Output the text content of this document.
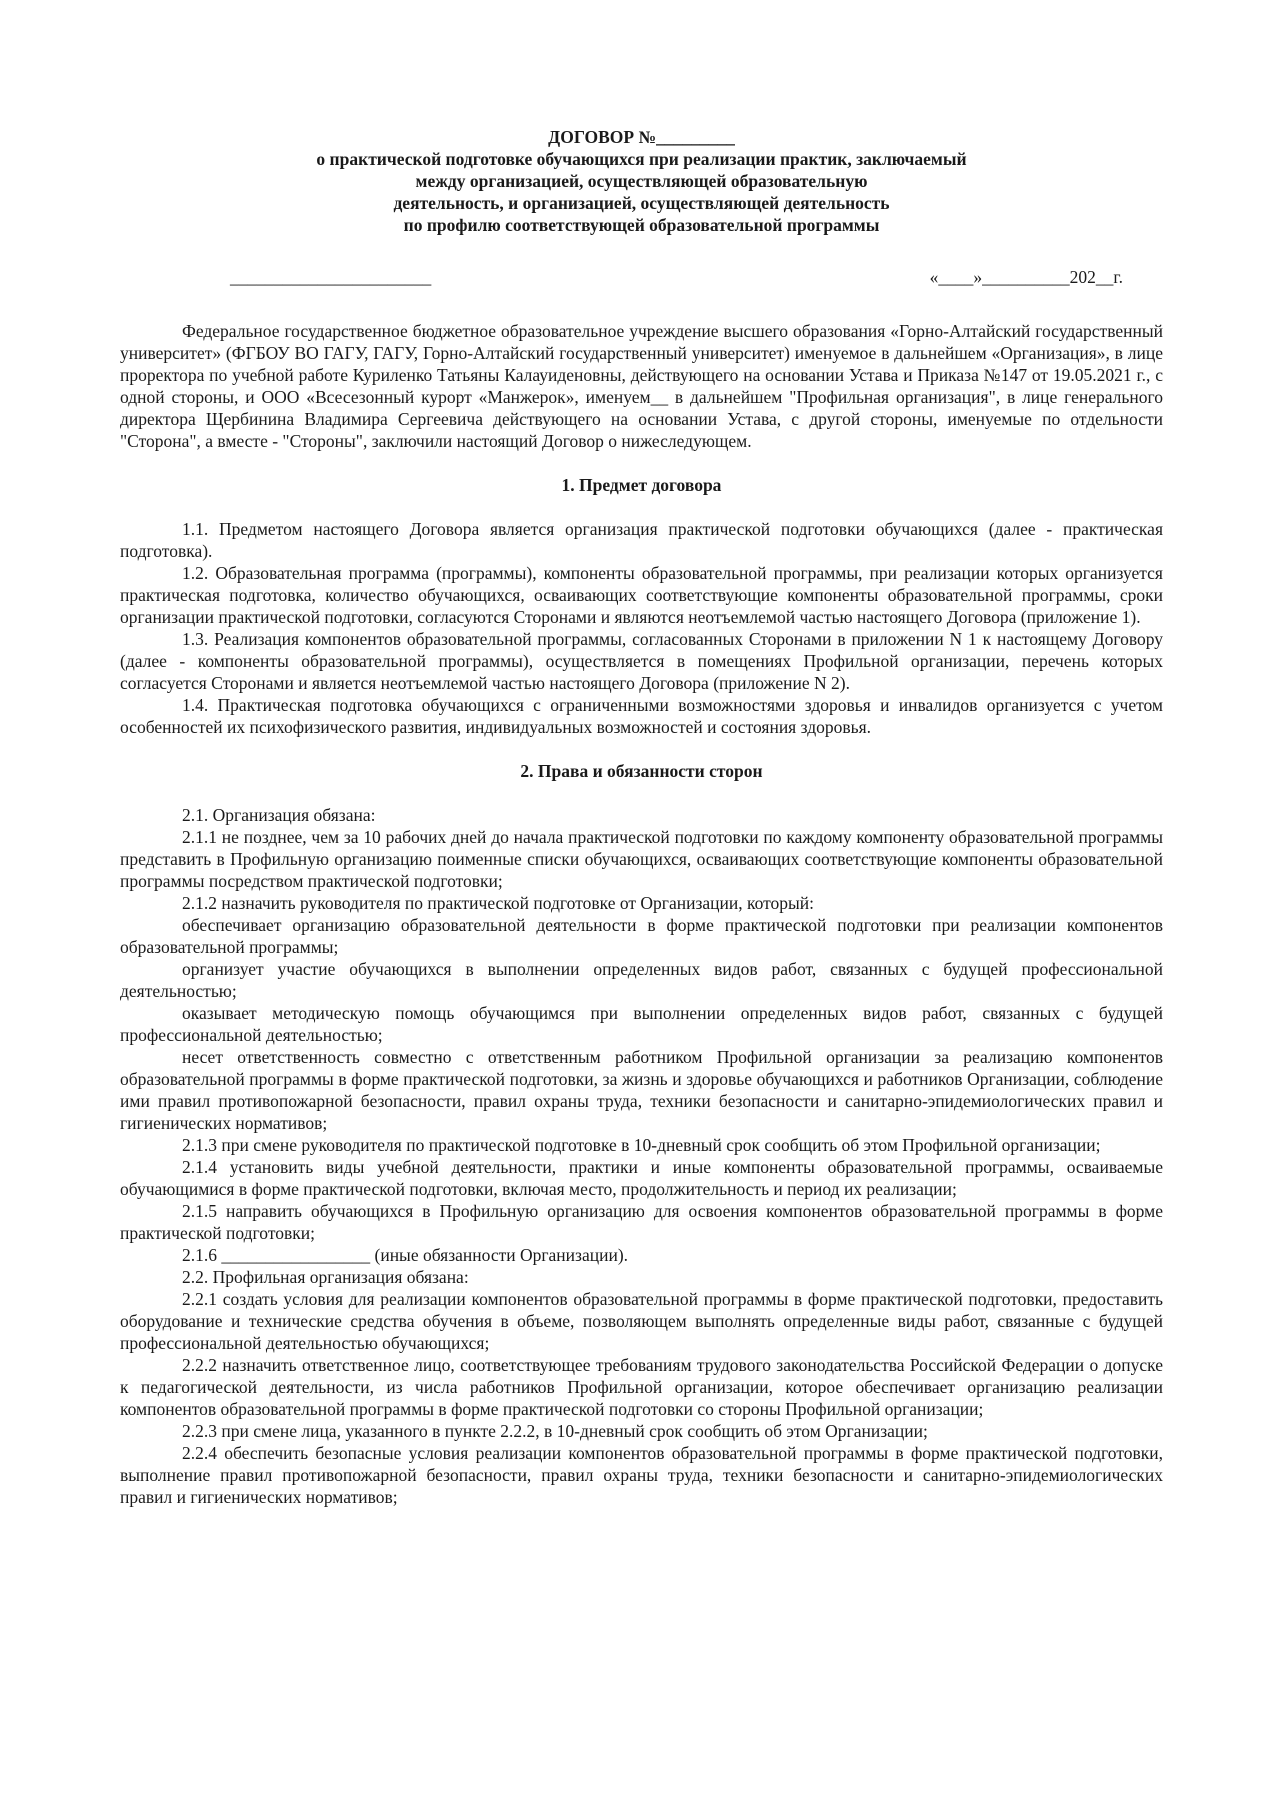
ДОГОВОР №_________
о практической подготовке обучающихся при реализации практик, заключаемый
между организацией, осуществляющей образовательную
деятельность, и организацией, осуществляющей деятельность
по профилю соответствующей образовательной программы
_______________________	«____»__________202__г.

Федеральное государственное бюджетное образовательное учреждение высшего образования «Горно-Алтайский государственный университет» (ФГБОУ ВО ГАГУ, ГАГУ, Горно-Алтайский государственный университет) именуемое в дальнейшем «Организация», в лице проректора по учебной работе Куриленко Татьяны Калауиденовны, действующего на основании Устава и Приказа №147 от 19.05.2021 г., с одной стороны, и ООО «Всесезонный курорт «Манжерок», именуем__ в дальнейшем "Профильная организация", в лице генерального директора Щербинина Владимира Сергеевича действующего на основании Устава, с другой стороны, именуемые по отдельности "Сторона", а вместе - "Стороны", заключили настоящий Договор о нижеследующем.

1. Предмет договора

1.1. Предметом настоящего Договора является организация практической подготовки обучающихся (далее - практическая подготовка).

1.2. Образовательная программа (программы), компоненты образовательной программы, при реализации которых организуется практическая подготовка, количество обучающихся, осваивающих соответствующие компоненты образовательной программы, сроки организации практической подготовки, согласуются Сторонами и являются неотъемлемой частью настоящего Договора (приложение 1).

1.3. Реализация компонентов образовательной программы, согласованных Сторонами в приложении N 1 к настоящему Договору (далее - компоненты образовательной программы), осуществляется в помещениях Профильной организации, перечень которых согласуется Сторонами и является неотъемлемой частью настоящего Договора (приложение N 2).

1.4. Практическая подготовка обучающихся с ограниченными возможностями здоровья и инвалидов организуется с учетом особенностей их психофизического развития, индивидуальных возможностей и состояния здоровья.

2. Права и обязанности сторон

2.1. Организация обязана:

2.1.1 не позднее, чем за 10 рабочих дней до начала практической подготовки по каждому компоненту образовательной программы представить в Профильную организацию поименные списки обучающихся, осваивающих соответствующие компоненты образовательной программы посредством практической подготовки;

2.1.2 назначить руководителя по практической подготовке от Организации, который:

обеспечивает организацию образовательной деятельности в форме практической подготовки при реализации компонентов образовательной программы;

организует участие обучающихся в выполнении определенных видов работ, связанных с будущей профессиональной деятельностью;

оказывает методическую помощь обучающимся при выполнении определенных видов работ, связанных с будущей профессиональной деятельностью;

несет ответственность совместно с ответственным работником Профильной организации за реализацию компонентов образовательной программы в форме практической подготовки, за жизнь и здоровье обучающихся и работников Организации, соблюдение ими правил противопожарной безопасности, правил охраны труда, техники безопасности и санитарно-эпидемиологических правил и гигиенических нормативов;

2.1.3 при смене руководителя по практической подготовке в 10-дневный срок сообщить об этом Профильной организации;

2.1.4 установить виды учебной деятельности, практики и иные компоненты образовательной программы, осваиваемые обучающимися в форме практической подготовки, включая место, продолжительность и период их реализации;

2.1.5 направить обучающихся в Профильную организацию для освоения компонентов образовательной программы в форме практической подготовки;

2.1.6 _________________ (иные обязанности Организации).

2.2. Профильная организация обязана:

2.2.1 создать условия для реализации компонентов образовательной программы в форме практической подготовки, предоставить оборудование и технические средства обучения в объеме, позволяющем выполнять определенные виды работ, связанные с будущей профессиональной деятельностью обучающихся;

2.2.2 назначить ответственное лицо, соответствующее требованиям трудового законодательства Российской Федерации о допуске к педагогической деятельности, из числа работников Профильной организации, которое обеспечивает организацию реализации компонентов образовательной программы в форме практической подготовки со стороны Профильной организации;

2.2.3 при смене лица, указанного в пункте 2.2.2, в 10-дневный срок сообщить об этом Организации;

2.2.4 обеспечить безопасные условия реализации компонентов образовательной программы в форме практической подготовки, выполнение правил противопожарной безопасности, правил охраны труда, техники безопасности и санитарно-эпидемиологических правил и гигиенических нормативов;
